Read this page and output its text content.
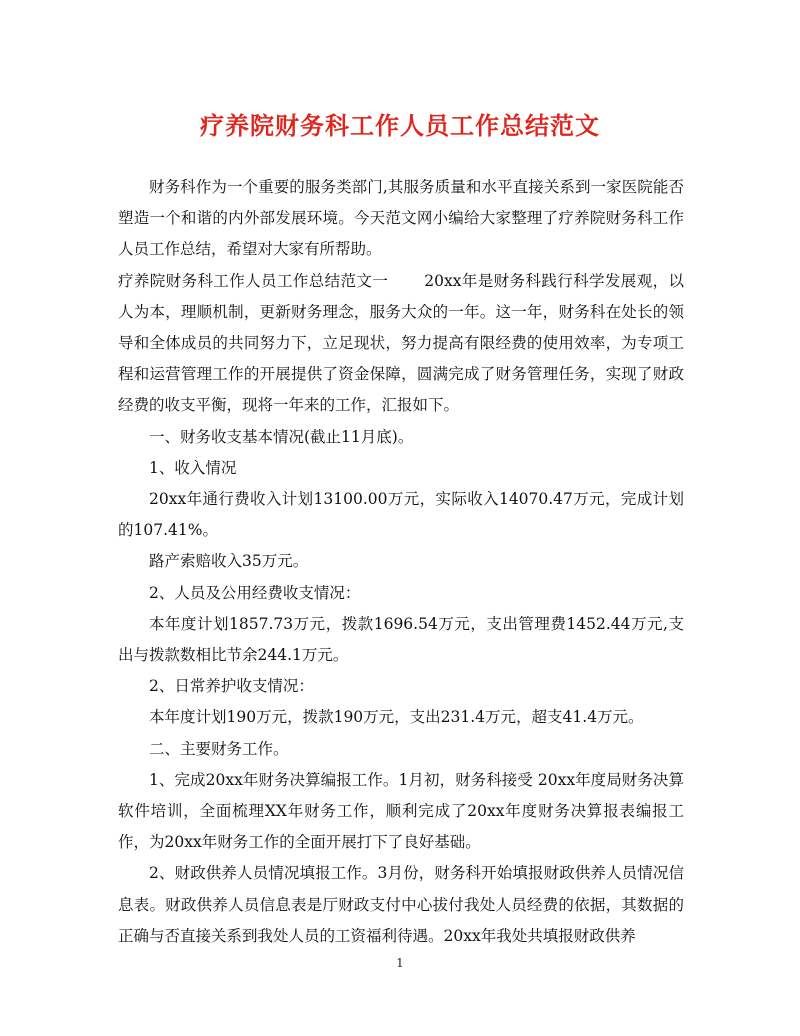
疗养院财务科工作人员工作总结范文

财务科作为一个重要的服务类部门,其服务质量和水平直接关系到一家医院能否塑造一个和谐的内外部发展环境。今天范文网小编给大家整理了疗养院财务科工作人员工作总结，希望对大家有所帮助。

疗养院财务科工作人员工作总结范文一 20xx年是财务科践行科学发展观，以人为本，理顺机制，更新财务理念，服务大众的一年。这一年，财务科在处长的领导和全体成员的共同努力下，立足现状，努力提高有限经费的使用效率，为专项工程和运营管理工作的开展提供了资金保障，圆满完成了财务管理任务，实现了财政经费的收支平衡，现将一年来的工作，汇报如下。

一、财务收支基本情况(截止11月底)。

1、收入情况

20xx年通行费收入计划13100.00万元，实际收入14070.47万元，完成计划的107.41%。

路产索赔收入35万元。

2、人员及公用经费收支情况：

本年度计划1857.73万元，拨款1696.54万元，支出管理费1452.44万元,支出与拨款数相比节余244.1万元。

2、日常养护收支情况：

本年度计划190万元，拨款190万元，支出231.4万元，超支41.4万元。

二、主要财务工作。

1、完成20xx年财务决算编报工作。1月初，财务科接受 20xx年度局财务决算软件培训，全面梳理XX年财务工作，顺利完成了20xx年度财务决算报表编报工作，为20xx年财务工作的全面开展打下了良好基础。

2、财政供养人员情况填报工作。3月份，财务科开始填报财政供养人员情况信息表。财政供养人员信息表是厅财政支付中心拔付我处人员经费的依据，其数据的正确与否直接关系到我处人员的工资福利待遇。20xx年我处共填报财政供养

1
